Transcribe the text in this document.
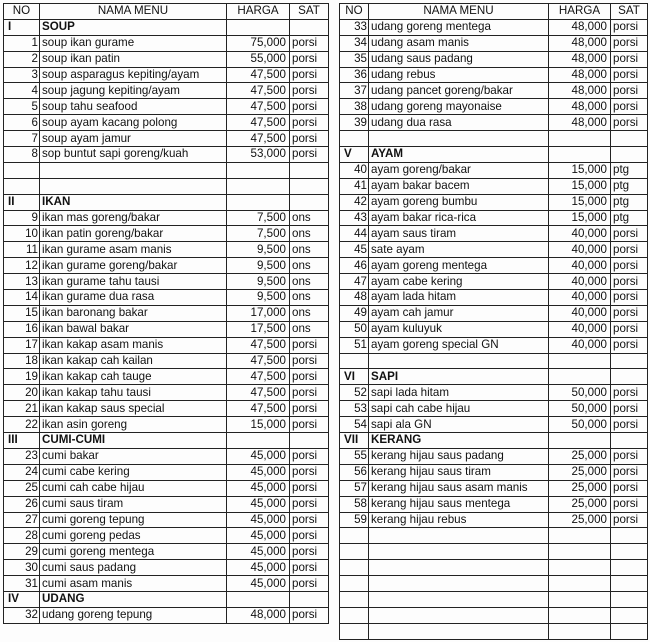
NO	NAMA MENU	HARGA	SAT
I	SOUP		
1	soup ikan gurame	75,000	porsi
2	soup ikan patin	55,000	porsi
3	soup asparagus kepiting/ayam	47,500	porsi
4	soup jagung kepiting/ayam	47,500	porsi
5	soup tahu seafood	47,500	porsi
6	soup ayam kacang polong	47,500	porsi
7	soup ayam jamur	47,500	porsi
8	sop buntut sapi goreng/kuah	53,000	porsi

II	IKAN		
9	ikan mas goreng/bakar	7,500	ons
10	ikan patin goreng/bakar	7,500	ons
11	ikan gurame asam manis	9,500	ons
12	ikan gurame goreng/bakar	9,500	ons
13	ikan gurame tahu tausi	9,500	ons
14	ikan gurame dua rasa	9,500	ons
15	ikan baronang bakar	17,000	ons
16	ikan bawal bakar	17,500	ons
17	ikan kakap asam manis	47,500	porsi
18	ikan kakap cah kailan	47,500	porsi
19	ikan kakap cah tauge	47,500	porsi
20	ikan kakap tahu tausi	47,500	porsi
21	ikan kakap saus special	47,500	porsi
22	ikan asin goreng	15,000	porsi
III	CUMI-CUMI		
23	cumi bakar	45,000	porsi
24	cumi cabe kering	45,000	porsi
25	cumi cah cabe hijau	45,000	porsi
26	cumi saus tiram	45,000	porsi
27	cumi goreng tepung	45,000	porsi
28	cumi goreng pedas	45,000	porsi
29	cumi goreng mentega	45,000	porsi
30	cumi saus padang	45,000	porsi
31	cumi asam manis	45,000	porsi
IV	UDANG		
32	udang goreng tepung	48,000	porsi
NO	NAMA MENU	HARGA	SAT
33	udang goreng mentega	48,000	porsi
34	udang asam manis	48,000	porsi
35	udang saus padang	48,000	porsi
36	udang rebus	48,000	porsi
37	udang pancet goreng/bakar	48,000	porsi
38	udang goreng mayonaise	48,000	porsi
39	udang dua rasa	48,000	porsi

V	AYAM		
40	ayam goreng/bakar	15,000	ptg
41	ayam bakar bacem	15,000	ptg
42	ayam goreng bumbu	15,000	ptg
43	ayam bakar rica-rica	15,000	ptg
44	ayam saus tiram	40,000	porsi
45	sate ayam	40,000	porsi
46	ayam goreng mentega	40,000	porsi
47	ayam cabe kering	40,000	porsi
48	ayam lada hitam	40,000	porsi
49	ayam cah jamur	40,000	porsi
50	ayam kuluyuk	40,000	porsi
51	ayam goreng special GN	40,000	porsi

VI	SAPI		
52	sapi lada hitam	50,000	porsi
53	sapi cah cabe hijau	50,000	porsi
54	sapi ala GN	50,000	porsi
VII	KERANG		
55	kerang hijau saus padang	25,000	porsi
56	kerang hijau saus tiram	25,000	porsi
57	kerang hijau saus asam manis	25,000	porsi
58	kerang hijau saus mentega	25,000	porsi
59	kerang hijau rebus	25,000	porsi
